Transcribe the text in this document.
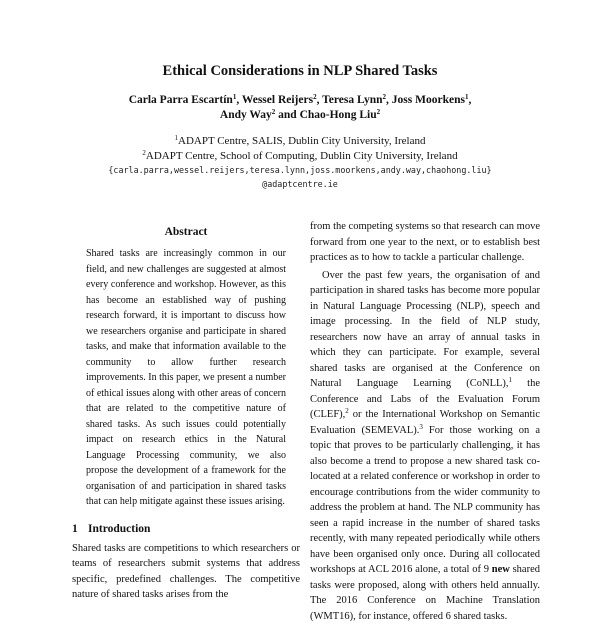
Ethical Considerations in NLP Shared Tasks
Carla Parra Escartín$^1$, Wessel Reijers$^2$, Teresa Lynn$^2$, Joss Moorkens$^1$,
Andy Way$^2$ and Chao-Hong Liu$^2$
$^1$ADAPT Centre, SALIS, Dublin City University, Ireland
$^2$ADAPT Centre, School of Computing, Dublin City University, Ireland
{carla.parra,wessel.reijers,teresa.lynn,joss.moorkens,andy.way,chaohong.liu}
@adaptcentre.ie
Abstract
Shared tasks are increasingly common in our field, and new challenges are suggested at almost every conference and workshop. However, as this has become an established way of pushing research forward, it is important to discuss how we researchers organise and participate in shared tasks, and make that information available to the community to allow further research improvements. In this paper, we present a number of ethical issues along with other areas of concern that are related to the competitive nature of shared tasks. As such issues could potentially impact on research ethics in the Natural Language Processing community, we also propose the development of a framework for the organisation of and participation in shared tasks that can help mitigate against these issues arising.
1 Introduction

Shared tasks are competitions to which researchers or teams of researchers submit systems that address specific, predefined challenges. The competitive nature of shared tasks arises from the

from the competing systems so that research can move forward from one year to the next, or to establish best practices as to how to tackle a particular challenge.

Over the past few years, the organisation of and participation in shared tasks has become more popular in Natural Language Processing (NLP), speech and image processing. In the field of NLP study, researchers now have an array of annual tasks in which they can participate. For example, several shared tasks are organised at the Conference on Natural Language Learning (CoNLL),$^1$ the Conference and Labs of the Evaluation Forum (CLEF),$^2$ or the International Workshop on Semantic Evaluation (SEMEVAL).$^3$ For those working on a topic that proves to be particularly challenging, it has also become a trend to propose a new shared task co-located at a related conference or workshop in order to encourage contributions from the wider community to address the problem at hand. The NLP community has seen a rapid increase in the number of shared tasks recently, with many repeated periodically while others have been organised only once. During all collocated workshops at ACL 2016 alone, a total of 9 new shared tasks were proposed, along with others held annually. The 2016 Conference on Machine Translation (WMT16), for instance, offered 6 shared tasks.
